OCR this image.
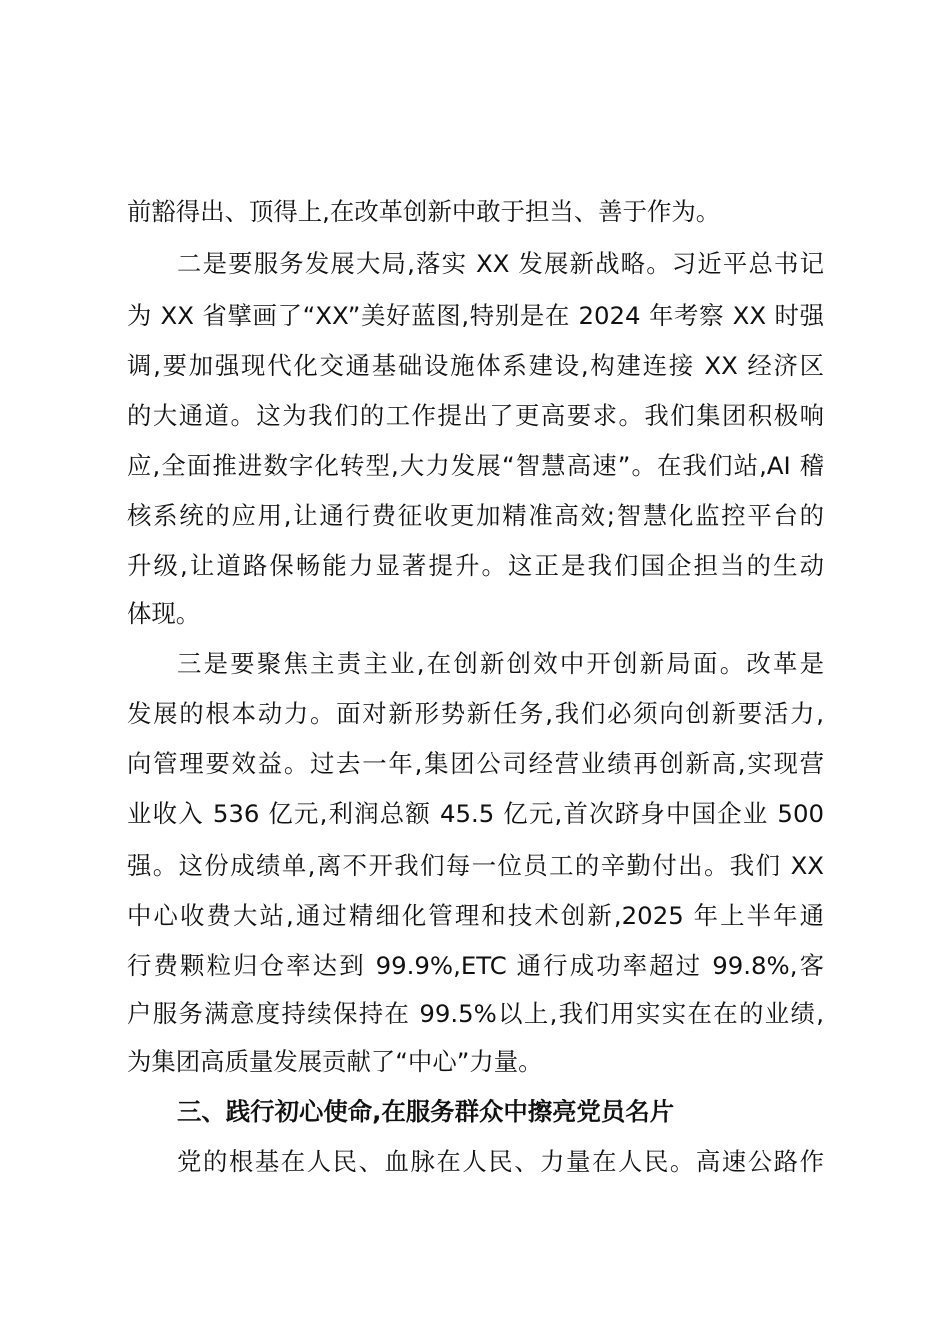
前豁得出、顶得上,在改革创新中敢于担当、善于作为。
二是要服务发展大局,落实 XX 发展新战略。习近平总书记
为 XX 省擘画了“XX”美好蓝图,特别是在 2024 年考察 XX 时强
调,要加强现代化交通基础设施体系建设,构建连接 XX 经济区
的大通道。这为我们的工作提出了更高要求。我们集团积极响
应,全面推进数字化转型,大力发展“智慧高速”。在我们站,AI 稽
核系统的应用,让通行费征收更加精准高效;智慧化监控平台的
升级,让道路保畅能力显著提升。这正是我们国企担当的生动
体现。
三是要聚焦主责主业,在创新创效中开创新局面。改革是
发展的根本动力。面对新形势新任务,我们必须向创新要活力,
向管理要效益。过去一年,集团公司经营业绩再创新高,实现营
业收入 536 亿元,利润总额 45.5 亿元,首次跻身中国企业 500
强。这份成绩单,离不开我们每一位员工的辛勤付出。我们 XX
中心收费大站,通过精细化管理和技术创新,2025 年上半年通
行费颗粒归仓率达到 99.9%,ETC 通行成功率超过 99.8%,客
户服务满意度持续保持在 99.5%以上,我们用实实在在的业绩,
为集团高质量发展贡献了“中心”力量。
三、践行初心使命,在服务群众中擦亮党员名片
党的根基在人民、血脉在人民、力量在人民。高速公路作
